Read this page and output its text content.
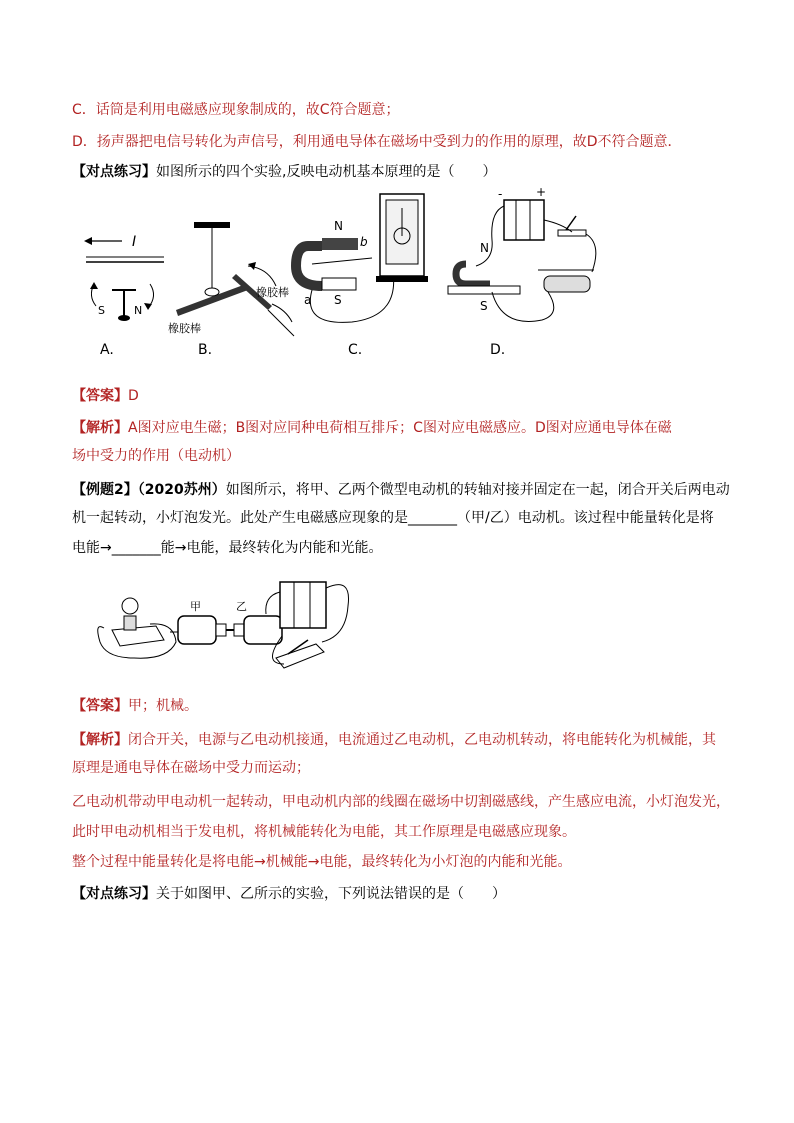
C．话筒是利用电磁感应现象制成的，故C符合题意；
D．扬声器把电信号转化为声信号，利用通电导体在磁场中受到力的作用的原理，故D不符合题意．
【对点练习】如图所示的四个实验,反映电动机基本原理的是（　　）
I
S	N
A.
橡胶棒
橡胶棒
B.
N
S
a
b
C.
-	+
N
S
D.
【答案】D
【解析】A图对应电生磁；B图对应同种电荷相互排斥；C图对应电磁感应。D图对应通电导体在磁
场中受力的作用（电动机）
【例题2】（2020苏州）如图所示，将甲、乙两个微型电动机的转轴对接并固定在一起，闭合开关后两电动
机一起转动，小灯泡发光。此处产生电磁感应现象的是_______（甲/乙）电动机。该过程中能量转化是将
电能→_______能→电能，最终转化为内能和光能。
甲	乙
【答案】甲；机械。
【解析】闭合开关，电源与乙电动机接通，电流通过乙电动机，乙电动机转动，将电能转化为机械能，其
原理是通电导体在磁场中受力而运动；
乙电动机带动甲电动机一起转动，甲电动机内部的线圈在磁场中切割磁感线，产生感应电流，小灯泡发光，
此时甲电动机相当于发电机，将机械能转化为电能，其工作原理是电磁感应现象。
整个过程中能量转化是将电能→机械能→电能，最终转化为小灯泡的内能和光能。
【对点练习】关于如图甲、乙所示的实验，下列说法错误的是（　　）
